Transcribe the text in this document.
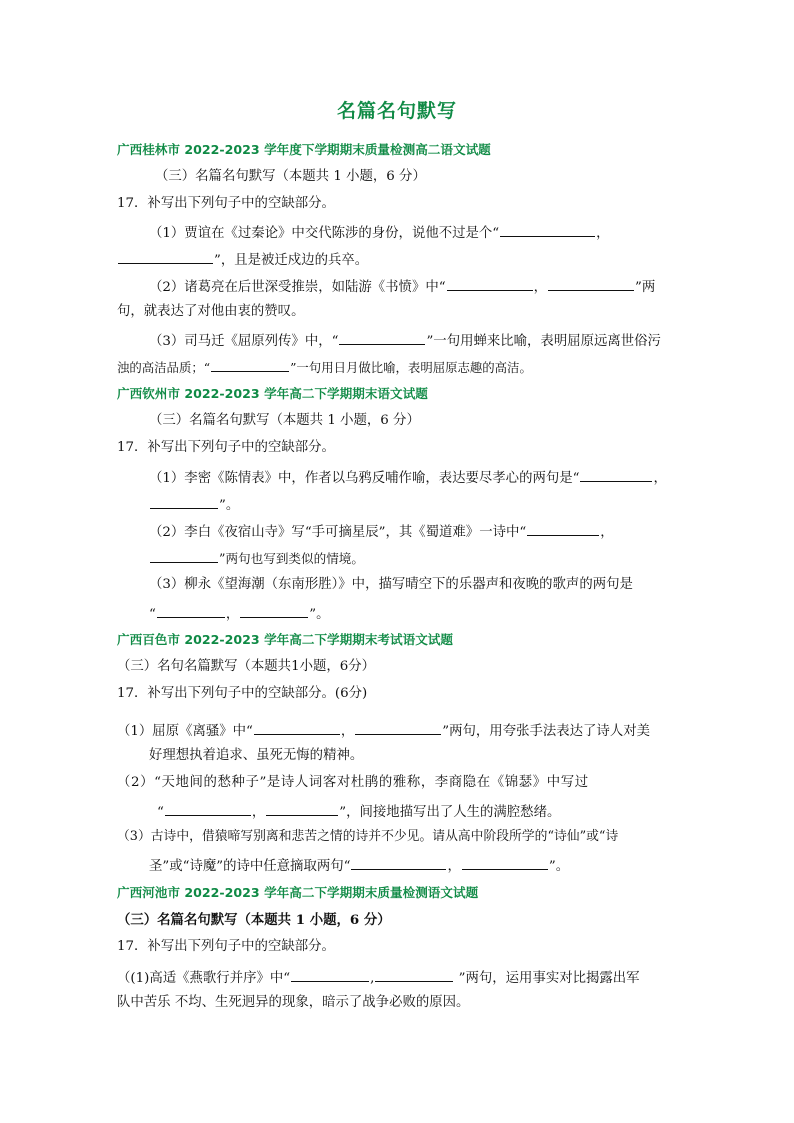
名篇名句默写
广西桂林市 2022-2023 学年度下学期期末质量检测高二语文试题
（三）名篇名句默写（本题共 1 小题，6 分）
17．补写出下列句子中的空缺部分。
（1）贾谊在《过秦论》中交代陈涉的身份，说他不过是个“	，
”，且是被迁戍边的兵卒。
（2）诸葛亮在后世深受推崇，如陆游《书愤》中“	，	”两
句，就表达了对他由衷的赞叹。
（3）司马迁《屈原列传》中，“	”一句用蝉来比喻，表明屈原远离世俗污
浊的高洁品质；“	”一句用日月做比喻，表明屈原志趣的高洁。
广西钦州市 2022-2023 学年高二下学期期末语文试题
（三）名篇名句默写（本题共 1 小题，6 分）
17．补写出下列句子中的空缺部分。
（1）李密《陈情表》中，作者以乌鸦反哺作喻，表达要尽孝心的两句是“	，
”。
（2）李白《夜宿山寺》写“手可摘星辰”，其《蜀道难》一诗中“	，
”两句也写到类似的情境。
（3）柳永《望海潮（东南形胜）》中，描写晴空下的乐器声和夜晚的歌声的两句是
“	，	”。
广西百色市 2022-2023 学年高二下学期期末考试语文试题
（三）名句名篇默写（本题共1小题，6分）
17．补写出下列句子中的空缺部分。(6分)
（1）屈原《离骚》中“	，	”两句，用夸张手法表达了诗人对美
好理想执着追求、虽死无悔的精神。
（2）“天地间的愁种子”是诗人词客对杜鹃的雅称，李商隐在《锦瑟》中写过
“	，	”，间接地描写出了人生的满腔愁绪。
（3）古诗中，借猿啼写别离和悲苦之情的诗并不少见。请从高中阶段所学的“诗仙”或“诗
圣”或“诗魔”的诗中任意摘取两句“	，	”。
广西河池市 2022-2023 学年高二下学期期末质量检测语文试题
（三）名篇名句默写（本题共 1 小题，6 分）
17．补写出下列句子中的空缺部分。
（(1)高适《燕歌行并序》中“	,	”两句，运用事实对比揭露出军
队中苦乐 不均、生死迥异的现象，暗示了战争必败的原因。
